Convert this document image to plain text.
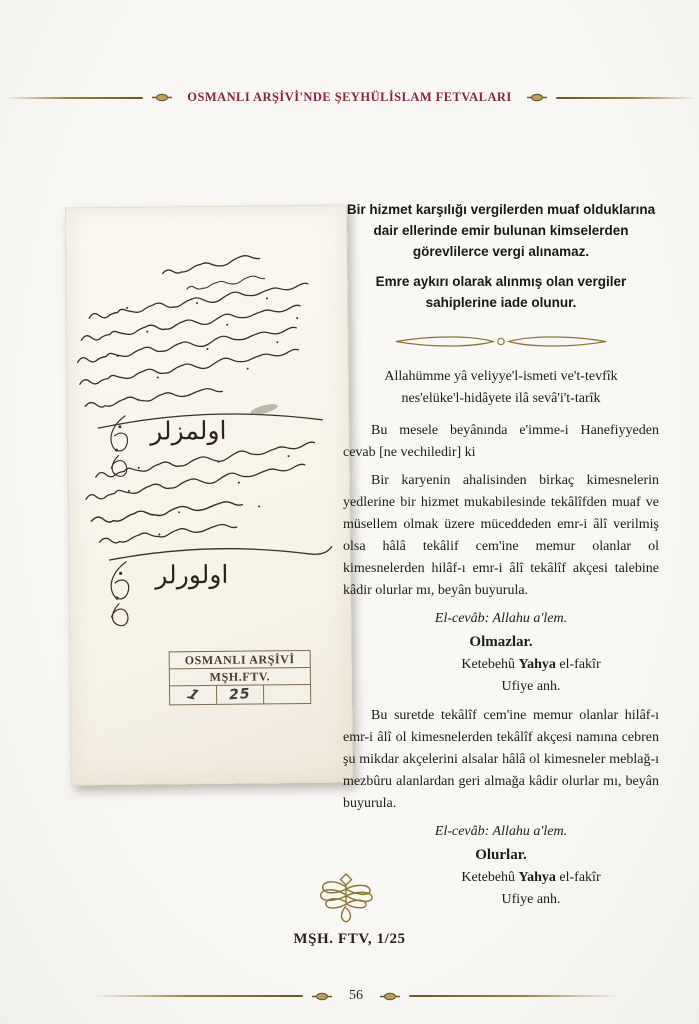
OSMANLI ARŞİVİ'NDE ŞEYHÜLİSLAM FETVALARI
اولمزلر
اولورلر
OSMANLI ARŞİVİ
MŞH.FTV.
1 25

Bir hizmet karşılığı vergilerden muaf olduklarına dair ellerinde emir bulunan kimselerden görevlilerce vergi alınamaz.

Emre aykırı olarak alınmış olan vergiler sahiplerine iade olunur.

Allahümme yâ veliyye'l-ismeti ve't-tevfîk
nes'elüke'l-hidâyete ilâ sevâ'i't-tarîk

Bu mesele beyânında e'imme-i Hanefiyyeden cevab [ne vechiledir] ki

Bir karyenin ahalisinden birkaç kimesnelerin yedlerine bir hizmet mukabilesinde tekâlîfden muaf ve müsellem olmak üzere müceddeden emr-i âlî verilmiş olsa hâlâ tekâlif cem'ine memur olanlar ol kimesnelerden hilâf-ı emr-i âlî tekâlîf akçesi talebine kâdir olurlar mı, beyân buyurula.

El-cevâb: Allahu a'lem.

Olmazlar.

Ketebehû Yahya el-fakîr
Ufiye anh.

Bu suretde tekâlîf cem'ine memur olanlar hilâf-ı emr-i âlî ol kimesnelerden tekâlîf akçesi namına cebren şu mikdar akçelerini alsalar hâlâ ol kimesneler meblağ-ı mezbûru alanlardan geri almağa kâdir olurlar mı, beyân buyurula.

El-cevâb: Allahu a'lem.

Olurlar.

Ketebehû Yahya el-fakîr
Ufiye anh.
MŞH. FTV, 1/25
56
